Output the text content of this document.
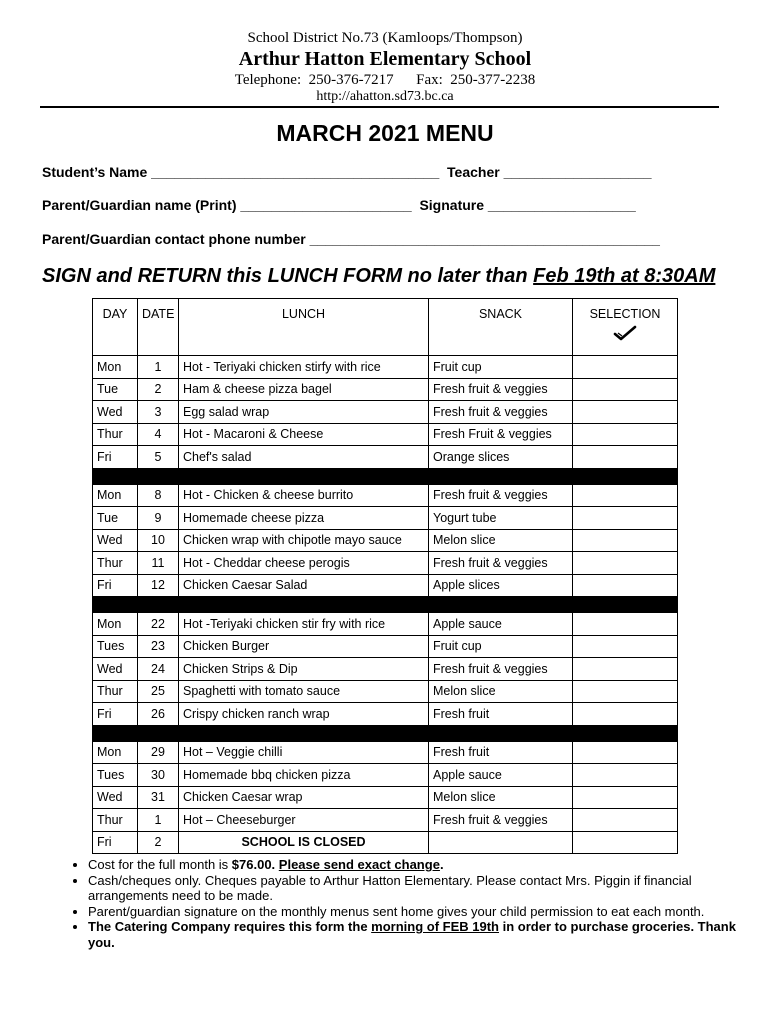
School District No.73 (Kamloops/Thompson)
Arthur Hatton Elementary School
Telephone:  250-376-7217      Fax:  250-377-2238
http://ahatton.sd73.bc.ca
MARCH 2021 MENU
Student’s Name _____________________________________  Teacher ___________________
Parent/Guardian name (Print) ______________________  Signature ___________________
Parent/Guardian contact phone number _____________________________________________
SIGN and RETURN this LUNCH FORM no later than Feb 19th at 8:30AM
DAY	DATE	LUNCH	SNACK	SELECTION

Mon	1	Hot - Teriyaki chicken stirfy with rice	Fruit cup	
Tue	2	Ham & cheese pizza bagel	Fresh fruit & veggies	
Wed	3	Egg salad wrap	Fresh fruit & veggies	
Thur	4	Hot - Macaroni & Cheese	Fresh Fruit & veggies	
Fri	5	Chef's salad	Orange slices	

Mon	8	Hot - Chicken & cheese burrito	Fresh fruit & veggies	
Tue	9	Homemade cheese pizza	Yogurt tube	
Wed	10	Chicken wrap with chipotle mayo sauce	Melon slice	
Thur	11	Hot - Cheddar cheese perogis	Fresh fruit & veggies	
Fri	12	Chicken Caesar Salad	Apple slices	

Mon	22	Hot -Teriyaki chicken stir fry with rice	Apple sauce	
Tues	23	Chicken Burger	Fruit cup	
Wed	24	Chicken Strips & Dip	Fresh fruit & veggies	
Thur	25	Spaghetti with tomato sauce	Melon slice	
Fri	26	Crispy chicken ranch wrap	Fresh fruit	

Mon	29	Hot – Veggie chilli	Fresh fruit	
Tues	30	Homemade bbq chicken pizza	Apple sauce	
Wed	31	Chicken Caesar wrap	Melon slice	
Thur	1	Hot – Cheeseburger	Fresh fruit & veggies	
Fri	2	SCHOOL IS CLOSED		
• Cost for the full month is $76.00. Please send exact change.
• Cash/cheques only. Cheques payable to Arthur Hatton Elementary. Please contact Mrs. Piggin if financial arrangements need to be made.
• Parent/guardian signature on the monthly menus sent home gives your child permission to eat each month.
• The Catering Company requires this form the morning of FEB 19th in order to purchase groceries. Thank you.
